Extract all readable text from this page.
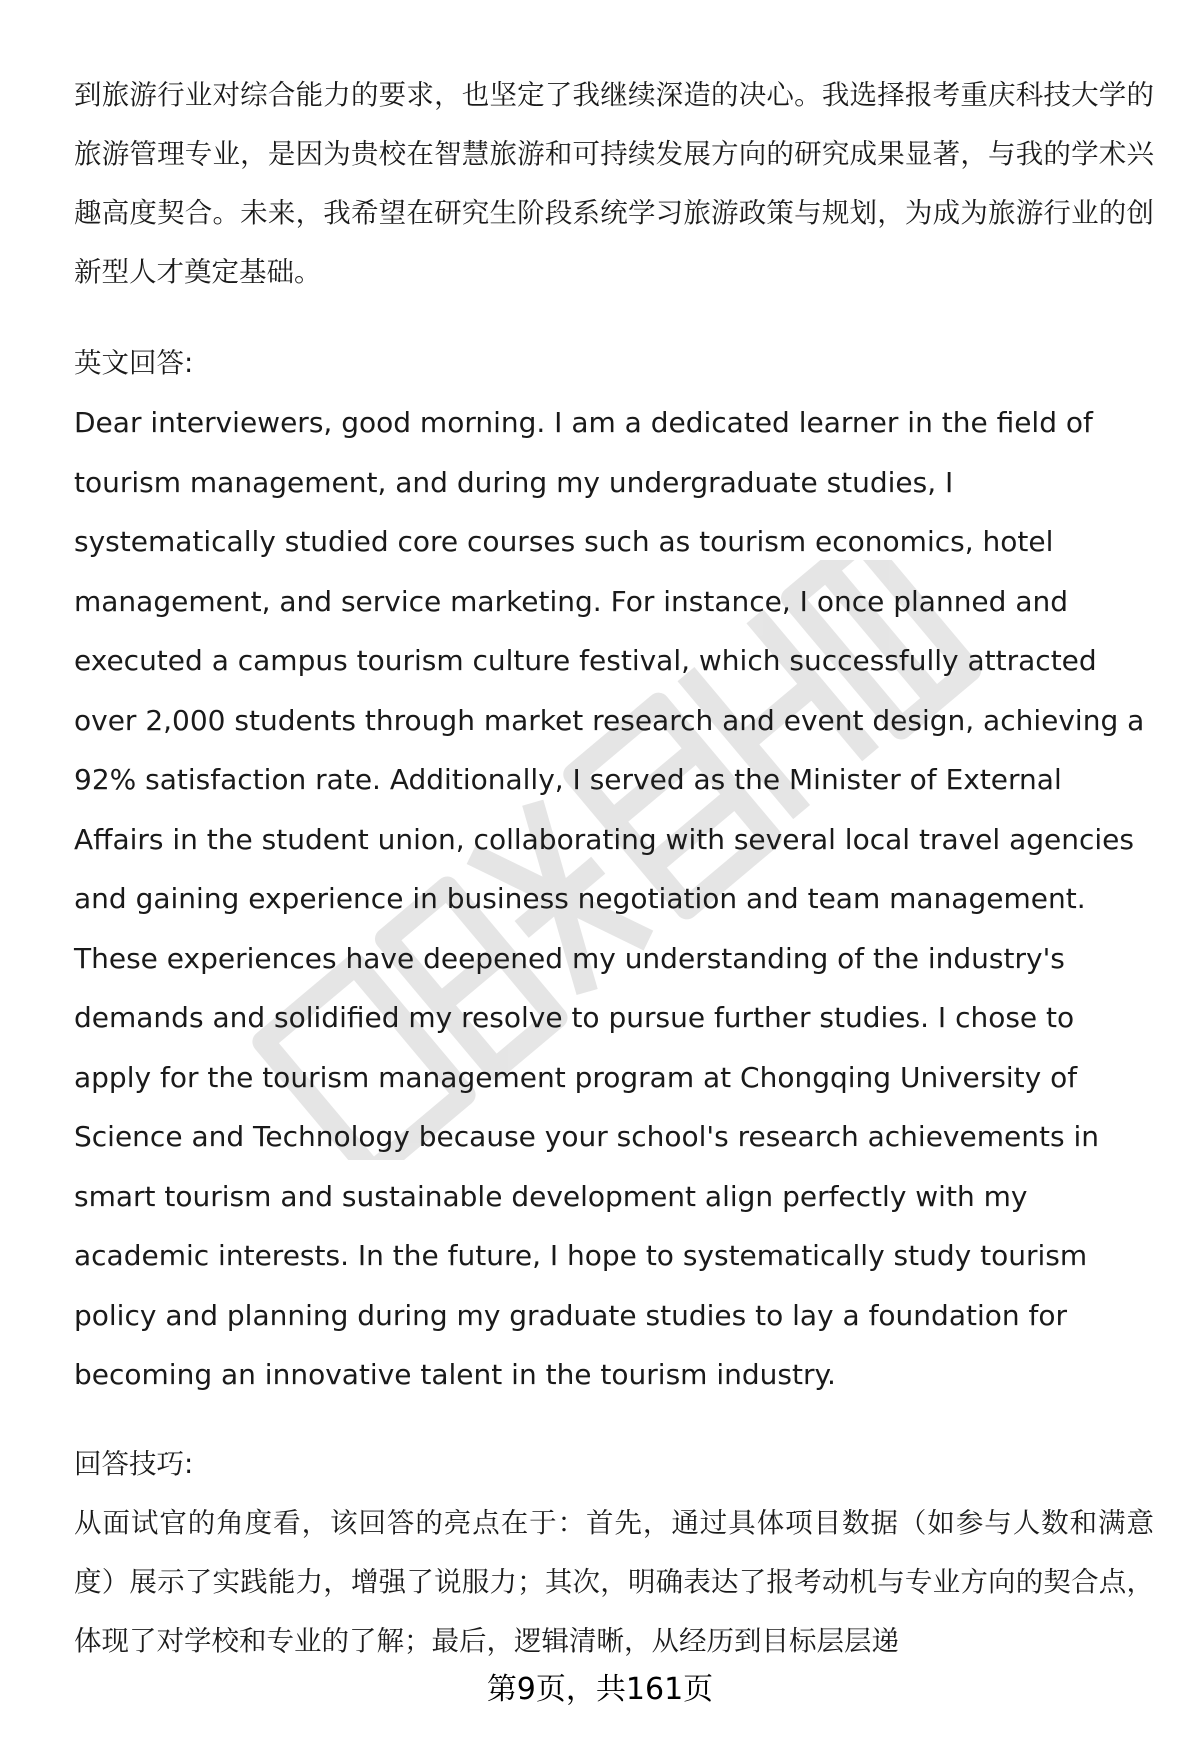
到旅游行业对综合能力的要求，也坚定了我继续深造的决心。我选择报考重庆科技大学的旅游管理专业，是因为贵校在智慧旅游和可持续发展方向的研究成果显著，与我的学术兴趣高度契合。未来，我希望在研究生阶段系统学习旅游政策与规划，为成为旅游行业的创新型人才奠定基础。

英文回答:

Dear interviewers, good morning. I am a dedicated learner in the field of tourism management, and during my undergraduate studies, I systematically studied core courses such as tourism economics, hotel management, and service marketing. For instance, I once planned and executed a campus tourism culture festival, which successfully attracted over 2,000 students through market research and event design, achieving a 92% satisfaction rate. Additionally, I served as the Minister of External Affairs in the student union, collaborating with several local travel agencies and gaining experience in business negotiation and team management. These experiences have deepened my understanding of the industry's demands and solidified my resolve to pursue further studies. I chose to apply for the tourism management program at Chongqing University of Science and Technology because your school's research achievements in smart tourism and sustainable development align perfectly with my academic interests. In the future, I hope to systematically study tourism policy and planning during my graduate studies to lay a foundation for becoming an innovative talent in the tourism industry.

回答技巧:

从面试官的角度看，该回答的亮点在于：首先，通过具体项目数据（如参与人数和满意度）展示了实践能力，增强了说服力；其次，明确表达了报考动机与专业方向的契合点，体现了对学校和专业的了解；最后，逻辑清晰，从经历到目标层层递

第9页，共161页
